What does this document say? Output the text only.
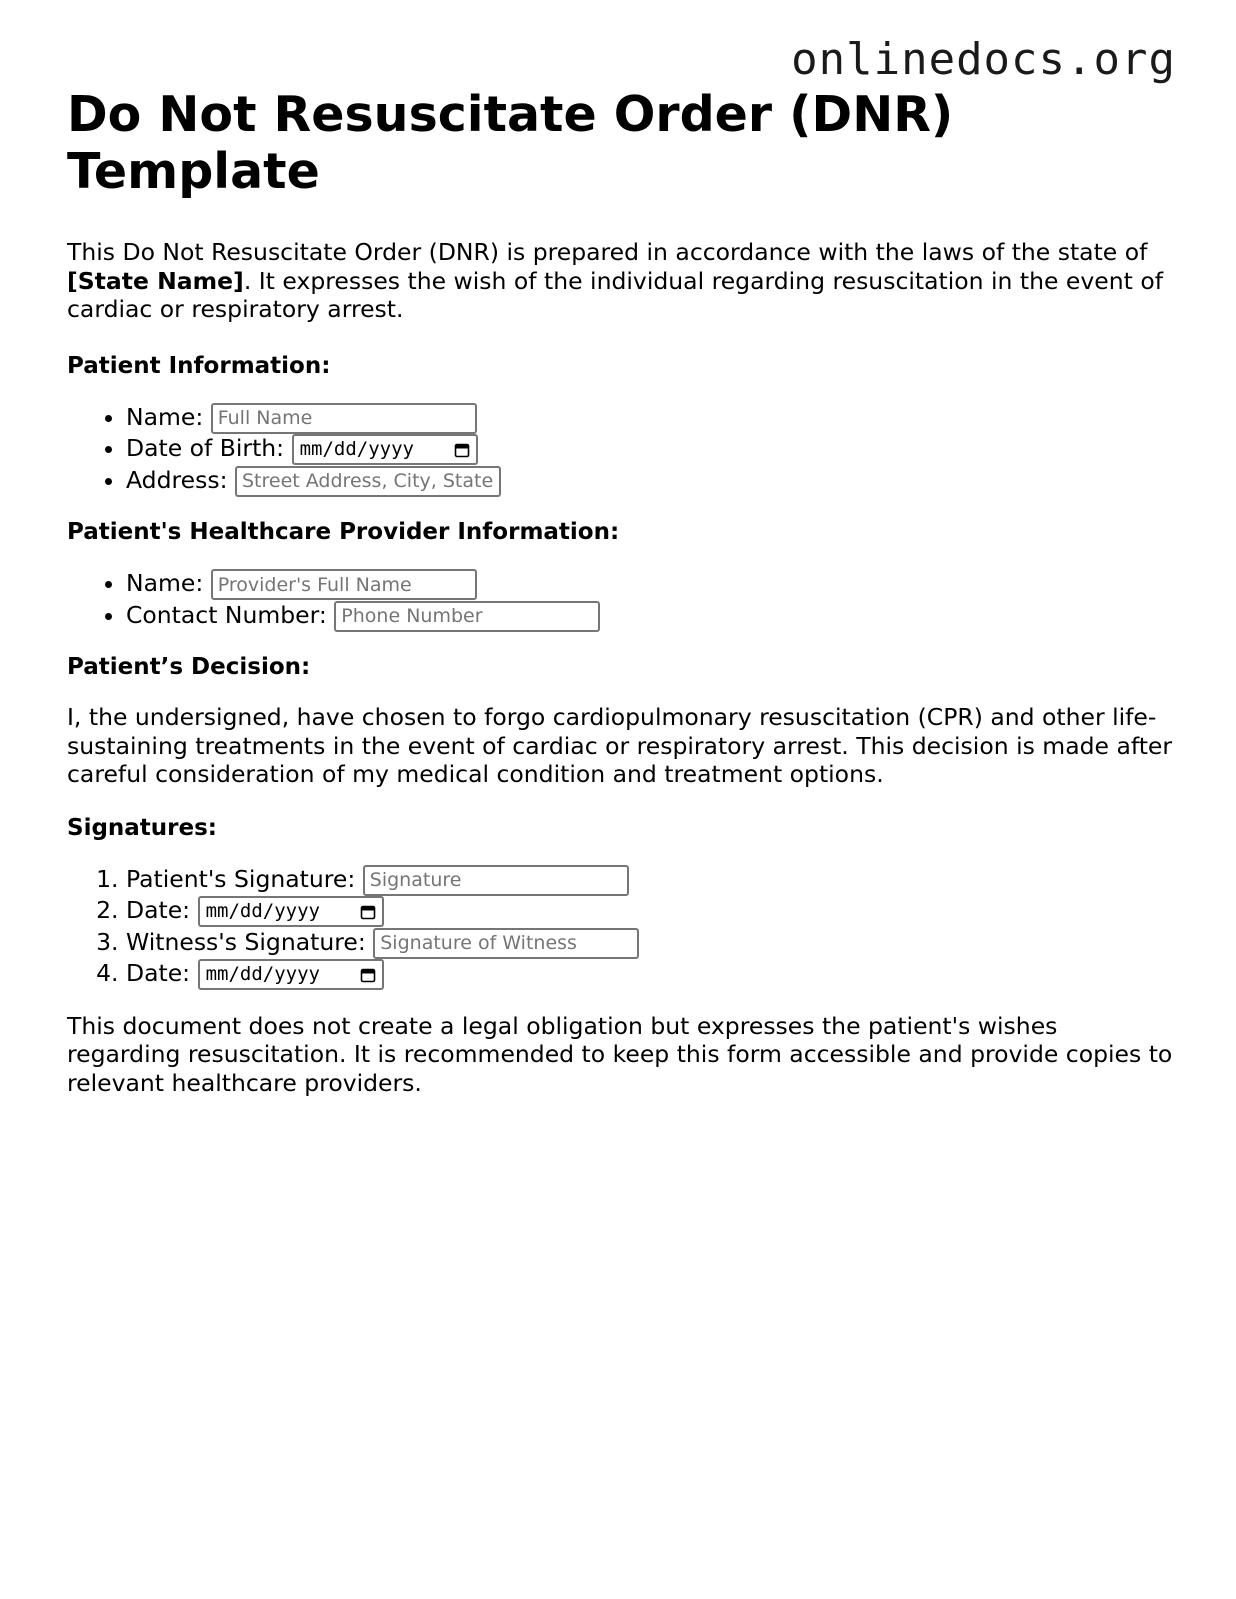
onlinedocs.org
Do Not Resuscitate Order (DNR) Template

This Do Not Resuscitate Order (DNR) is prepared in accordance with the laws of the state of [State Name]. It expresses the wish of the individual regarding resuscitation in the event of cardiac or respiratory arrest.

Patient Information:
• Name: Full Name
• Date of Birth: mm/dd/yyyy
• Address: Street Address, City, State
Patient's Healthcare Provider Information:
• Name: Provider's Full Name
• Contact Number: Phone Number
Patient’s Decision:

I, the undersigned, have chosen to forgo cardiopulmonary resuscitation (CPR) and other life-sustaining treatments in the event of cardiac or respiratory arrest. This decision is made after careful consideration of my medical condition and treatment options.

Signatures:
1. Patient's Signature: Signature
2. Date: mm/dd/yyyy
3. Witness's Signature: Signature of Witness
4. Date: mm/dd/yyyy

This document does not create a legal obligation but expresses the patient's wishes regarding resuscitation. It is recommended to keep this form accessible and provide copies to relevant healthcare providers.
